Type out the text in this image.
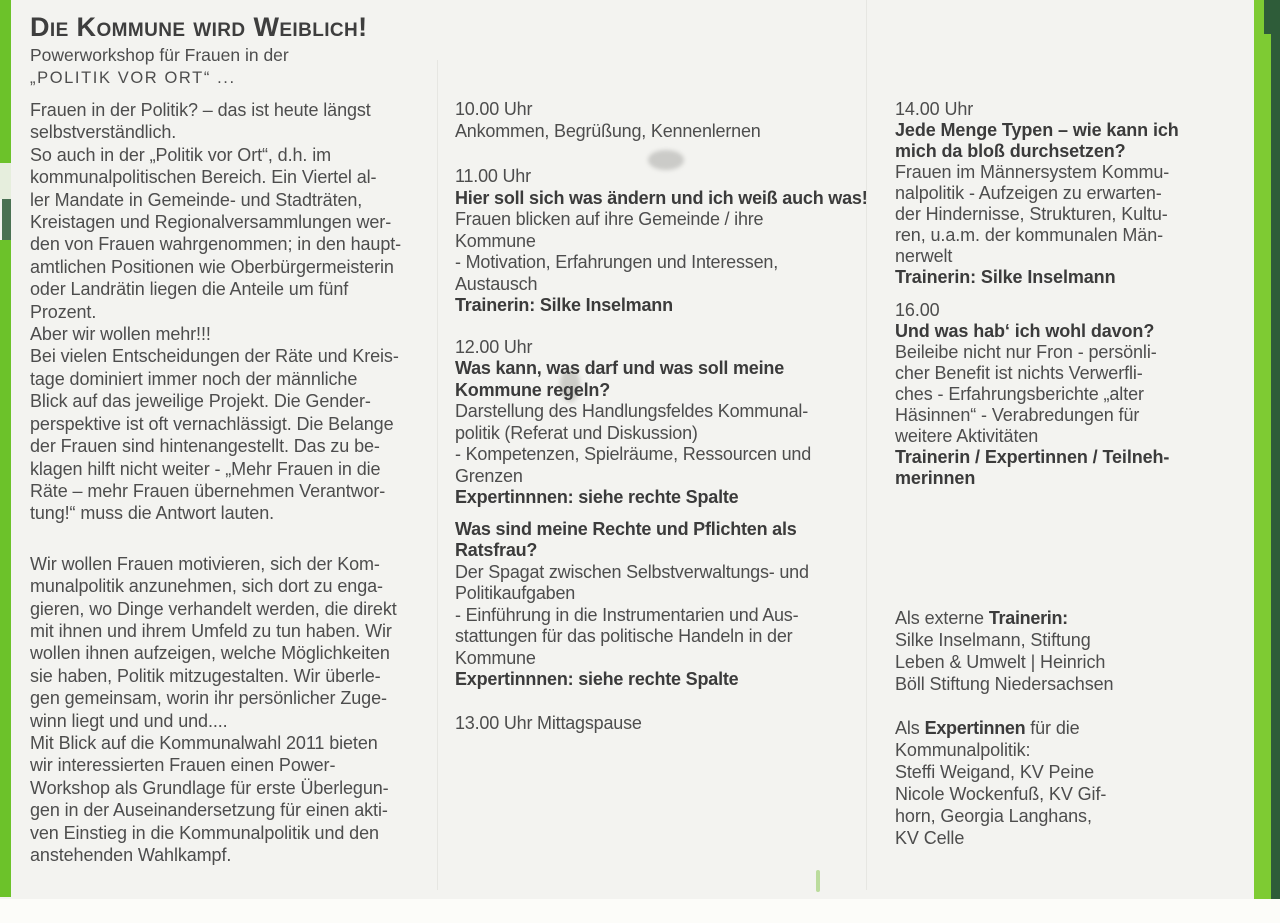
Die Kommune wird Weiblich!
Powerworkshop für Frauen in der
„POLITIK VOR ORT“ ...
Frauen in der Politik? – das ist heute längst
selbstverständlich.
So auch in der „Politik vor Ort“, d.h. im
kommunalpolitischen Bereich. Ein Viertel al-
ler Mandate in Gemeinde- und Stadträten,
Kreistagen und Regionalversammlungen wer-
den von Frauen wahrgenommen; in den haupt-
amtlichen Positionen wie Oberbürgermeisterin
oder Landrätin liegen die Anteile um fünf
Prozent.
Aber wir wollen mehr!!!
Bei vielen Entscheidungen der Räte und Kreis-
tage dominiert immer noch der männliche
Blick auf das jeweilige Projekt. Die Gender-
perspektive ist oft vernachlässigt. Die Belange
der Frauen sind hintenangestellt. Das zu be-
klagen hilft nicht weiter - „Mehr Frauen in die
Räte – mehr Frauen übernehmen Verantwor-
tung!“ muss die Antwort lauten.
Wir wollen Frauen motivieren, sich der Kom-
munalpolitik anzunehmen, sich dort zu enga-
gieren, wo Dinge verhandelt werden, die direkt
mit ihnen und ihrem Umfeld zu tun haben. Wir
wollen ihnen aufzeigen, welche Möglichkeiten
sie haben, Politik mitzugestalten. Wir überle-
gen gemeinsam, worin ihr persönlicher Zuge-
winn liegt und und und....
Mit Blick auf die Kommunalwahl 2011 bieten
wir interessierten Frauen einen Power-
Workshop als Grundlage für erste Überlegun-
gen in der Auseinandersetzung für einen akti-
ven Einstieg in die Kommunalpolitik und den
anstehenden Wahlkampf.
10.00 Uhr
Ankommen, Begrüßung, Kennenlernen
11.00 Uhr
Hier soll sich was ändern und ich weiß auch was!
Frauen blicken auf ihre Gemeinde / ihre
Kommune
- Motivation, Erfahrungen und Interessen,
Austausch
Trainerin: Silke Inselmann
12.00 Uhr
Was kann, was darf und was soll meine
Kommune regeln?
Darstellung des Handlungsfeldes Kommunal-
politik (Referat und Diskussion)
- Kompetenzen, Spielräume, Ressourcen und
Grenzen
Expertinnnen: siehe rechte Spalte
Was sind meine Rechte und Pflichten als
Ratsfrau?
Der Spagat zwischen Selbstverwaltungs- und
Politikaufgaben
- Einführung in die Instrumentarien und Aus-
stattungen für das politische Handeln in der
Kommune
Expertinnnen: siehe rechte Spalte
13.00 Uhr Mittagspause
14.00 Uhr
Jede Menge Typen – wie kann ich
mich da bloß durchsetzen?
Frauen im Männersystem Kommu-
nalpolitik - Aufzeigen zu erwarten-
der Hindernisse, Strukturen, Kultu-
ren, u.a.m. der kommunalen Män-
nerwelt
Trainerin: Silke Inselmann
16.00
Und was hab‘ ich wohl davon?
Beileibe nicht nur Fron - persönli-
cher Benefit ist nichts Verwerfli-
ches - Erfahrungsberichte „alter
Häsinnen“ - Verabredungen für
weitere Aktivitäten
Trainerin / Expertinnen / Teilneh-
merinnen
Als externe Trainerin:
Silke Inselmann, Stiftung
Leben & Umwelt | Heinrich
Böll Stiftung Niedersachsen
Als Expertinnen für die
Kommunalpolitik:
Steffi Weigand, KV Peine
Nicole Wockenfuß, KV Gif-
horn, Georgia Langhans,
KV Celle
